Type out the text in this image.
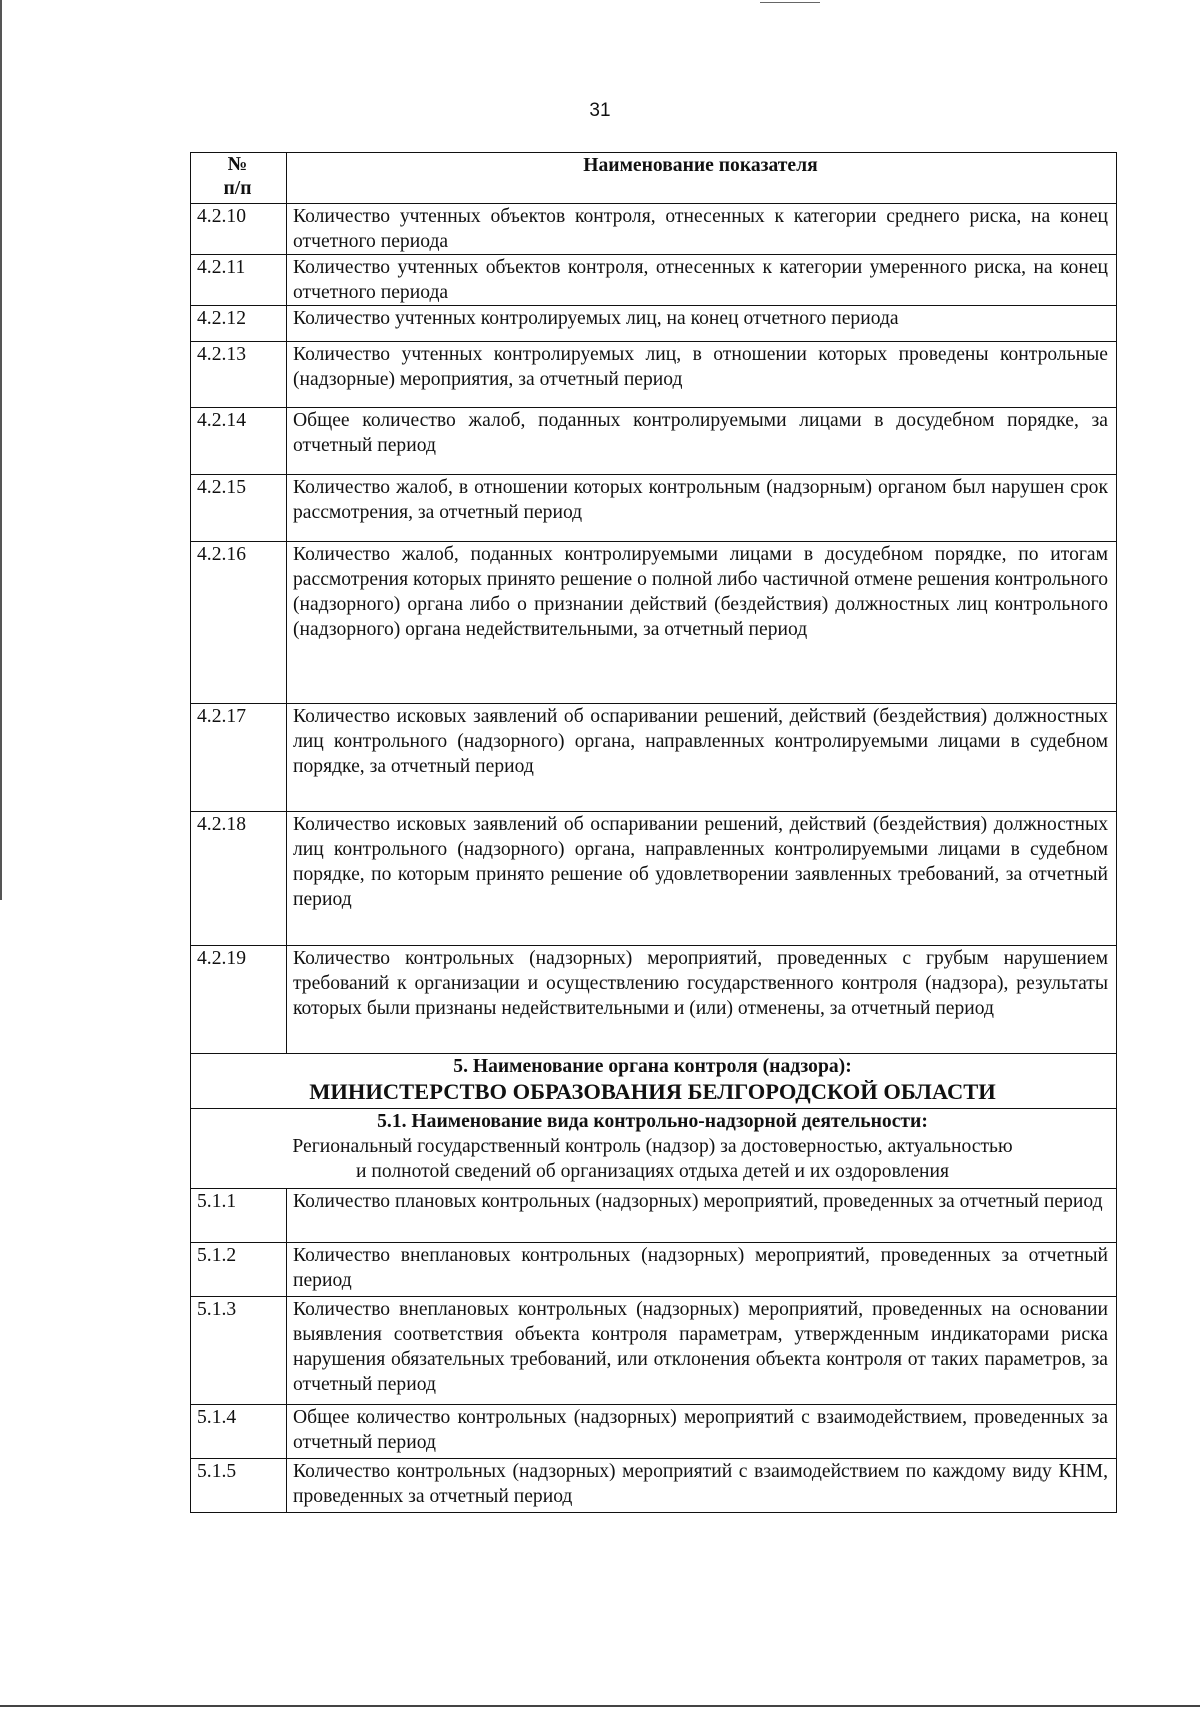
31
№
п/п	Наименование показателя
4.2.10	Количество учтенных объектов контроля, отнесенных к категории среднего риска, на конец отчетного периода
4.2.11	Количество учтенных объектов контроля, отнесенных к категории умеренного риска, на конец отчетного периода
4.2.12	Количество учтенных контролируемых лиц, на конец отчетного периода
4.2.13	Количество учтенных контролируемых лиц, в отношении которых проведены контрольные (надзорные) мероприятия, за отчетный период
4.2.14	Общее количество жалоб, поданных контролируемыми лицами в досудебном порядке, за отчетный период
4.2.15	Количество жалоб, в отношении которых контрольным (надзорным) органом был нарушен срок рассмотрения, за отчетный период
4.2.16	Количество жалоб, поданных контролируемыми лицами в досудебном порядке, по итогам рассмотрения которых принято решение о полной либо частичной отмене решения контрольного (надзорного) органа либо о признании действий (бездействия) должностных лиц контрольного (надзорного) органа недействительными, за отчетный период
4.2.17	Количество исковых заявлений об оспаривании решений, действий (бездействия) должностных лиц контрольного (надзорного) органа, направленных контролируемыми лицами в судебном порядке, за отчетный период
4.2.18	Количество исковых заявлений об оспаривании решений, действий (бездействия) должностных лиц контрольного (надзорного) органа, направленных контролируемыми лицами в судебном порядке, по которым принято решение об удовлетворении заявленных требований, за отчетный период
4.2.19	Количество контрольных (надзорных) мероприятий, проведенных с грубым нарушением требований к организации и осуществлению государственного контроля (надзора), результаты которых были признаны недействительными и (или) отменены, за отчетный период

5. Наименование органа контроля (надзора):
МИНИСТЕРСТВО ОБРАЗОВАНИЯ БЕЛГОРОДСКОЙ ОБЛАСТИ	

5.1. Наименование вида контрольно-надзорной деятельности:
Региональный государственный контроль (надзор) за достоверностью, актуальностью
и полнотой сведений об организациях отдыха детей и их оздоровления	

5.1.1	Количество плановых контрольных (надзорных) мероприятий, проведенных за отчетный период
5.1.2	Количество внеплановых контрольных (надзорных) мероприятий, проведенных за отчетный период
5.1.3	Количество внеплановых контрольных (надзорных) мероприятий, проведенных на основании выявления соответствия объекта контроля параметрам, утвержденным индикаторами риска нарушения обязательных требований, или отклонения объекта контроля от таких параметров, за отчетный период
5.1.4	Общее количество контрольных (надзорных) мероприятий с взаимодействием, проведенных за отчетный период
5.1.5	Количество контрольных (надзорных) мероприятий с взаимодействием по каждому виду КНМ, проведенных за отчетный период
